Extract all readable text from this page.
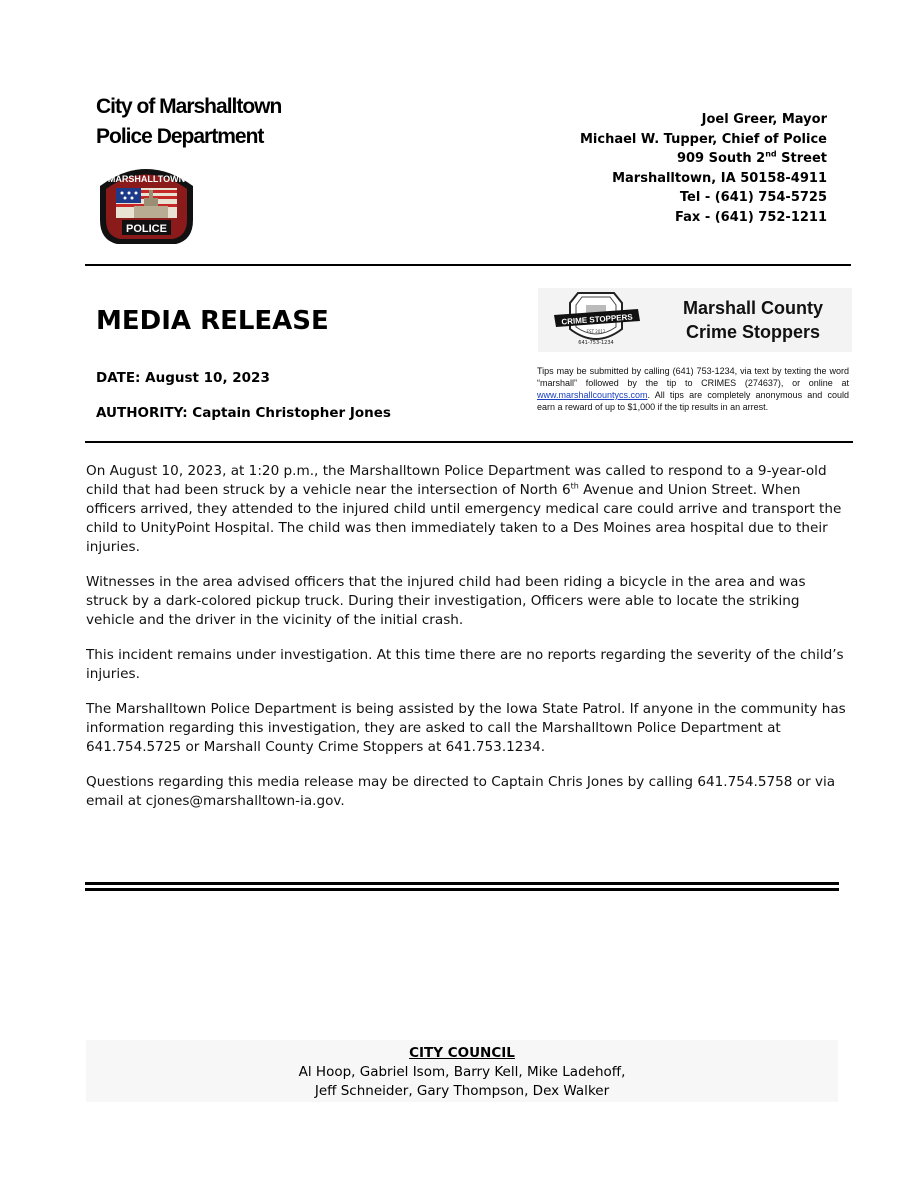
City of Marshalltown
Police Department
POLICE
MARSHALLTOWN
Joel Greer, Mayor
Michael W. Tupper, Chief of Police
909 South 2nd Street
Marshalltown, IA 50158-4911
Tel - (641) 754-5725
Fax - (641) 752-1211
MEDIA RELEASE
DATE: August 10, 2023
AUTHORITY: Captain Christopher Jones
EST 2012
CRIME STOPPERS
641-753-1234
Marshall County
Crime Stoppers
Tips may be submitted by calling (641) 753-1234, via text by texting the word “marshall” followed by the tip to CRIMES (274637), or online at www.marshallcountycs.com. All tips are completely anonymous and could earn a reward of up to $1,000 if the tip results in an arrest.

On August 10, 2023, at 1:20 p.m., the Marshalltown Police Department was called to respond to a 9-year-old child that had been struck by a vehicle near the intersection of North 6th Avenue and Union Street. When officers arrived, they attended to the injured child until emergency medical care could arrive and transport the child to UnityPoint Hospital. The child was then immediately taken to a Des Moines area hospital due to their injuries.

Witnesses in the area advised officers that the injured child had been riding a bicycle in the area and was struck by a dark-colored pickup truck. During their investigation, Officers were able to locate the striking vehicle and the driver in the vicinity of the initial crash.

This incident remains under investigation. At this time there are no reports regarding the severity of the child’s injuries.

The Marshalltown Police Department is being assisted by the Iowa State Patrol. If anyone in the community has information regarding this investigation, they are asked to call the Marshalltown Police Department at 641.754.5725 or Marshall County Crime Stoppers at 641.753.1234.

Questions regarding this media release may be directed to Captain Chris Jones by calling 641.754.5758 or via email at cjones@marshalltown-ia.gov.

CITY COUNCIL
Al Hoop, Gabriel Isom, Barry Kell, Mike Ladehoff,
Jeff Schneider, Gary Thompson, Dex Walker
